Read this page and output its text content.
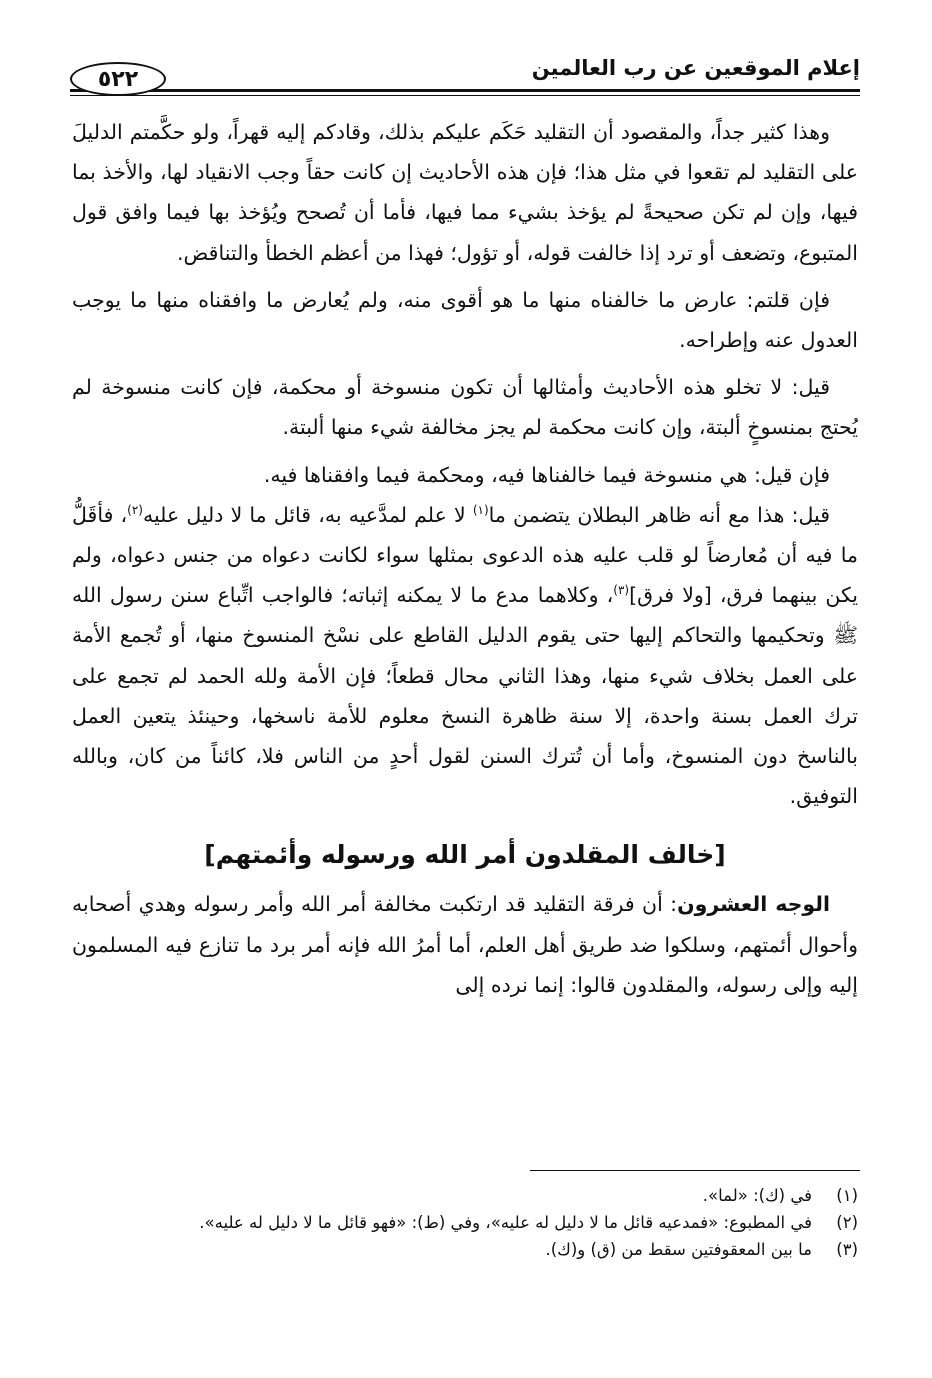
٥٢٢	إعلام الموقعين عن رب العالمين

وهذا كثير جداً، والمقصود أن التقليد حَكَم عليكم بذلك، وقادكم إليه قهراً، ولو حكَّمتم الدليلَ على التقليد لم تقعوا في مثل هذا؛ فإن هذه الأحاديث إن كانت حقاً وجب الانقياد لها، والأخذ بما فيها، وإن لم تكن صحيحةً لم يؤخذ بشيء مما فيها، فأما أن تُصحح ويُؤخذ بها فيما وافق قول المتبوع، وتضعف أو ترد إذا خالفت قوله، أو تؤول؛ فهذا من أعظم الخطأ والتناقض.

فإن قلتم: عارض ما خالفناه منها ما هو أقوى منه، ولم يُعارض ما وافقناه منها ما يوجب العدول عنه وإطراحه.

قيل: لا تخلو هذه الأحاديث وأمثالها أن تكون منسوخة أو محكمة، فإن كانت منسوخة لم يُحتج بمنسوخٍ ألبتة، وإن كانت محكمة لم يجز مخالفة شيء منها ألبتة.

فإن قيل: هي منسوخة فيما خالفناها فيه، ومحكمة فيما وافقناها فيه.

قيل: هذا مع أنه ظاهر البطلان يتضمن ما$^{(١)}$ لا علم لمدَّعيه به، قائل ما لا دليل عليه$^{(٢)}$، فأقَلُّ ما فيه أن مُعارضاً لو قلب عليه هذه الدعوى بمثلها سواء لكانت دعواه من جنس دعواه، ولم يكن بينهما فرق، [ولا فرق]$^{(٣)}$، وكلاهما مدع ما لا يمكنه إثباته؛ فالواجب اتِّباع سنن رسول الله ﷺ وتحكيمها والتحاكم إليها حتى يقوم الدليل القاطع على نسْخ المنسوخ منها، أو تُجمع الأمة على العمل بخلاف شيء منها، وهذا الثاني محال قطعاً؛ فإن الأمة ولله الحمد لم تجمع على ترك العمل بسنة واحدة، إلا سنة ظاهرة النسخ معلوم للأمة ناسخها، وحينئذ يتعين العمل بالناسخ دون المنسوخ، وأما أن تُترك السنن لقول أحدٍ من الناس فلا، كائناً من كان، وبالله التوفيق.

[خالف المقلدون أمر الله ورسوله وأئمتهم]

الوجه العشرون: أن فرقة التقليد قد ارتكبت مخالفة أمر الله وأمر رسوله وهدي أصحابه وأحوال أئمتهم، وسلكوا ضد طريق أهل العلم، أما أمرُ الله فإنه أمر برد ما تنازع فيه المسلمون إليه وإلى رسوله، والمقلدون قالوا: إنما نرده إلى

(١)
في (ك): «لما».
(٢)
في المطبوع: «فمدعيه قائل ما لا دليل له عليه»، وفي (ط): «فهو قائل ما لا دليل له عليه».
(٣)
ما بين المعقوفتين سقط من (ق) و(ك).
